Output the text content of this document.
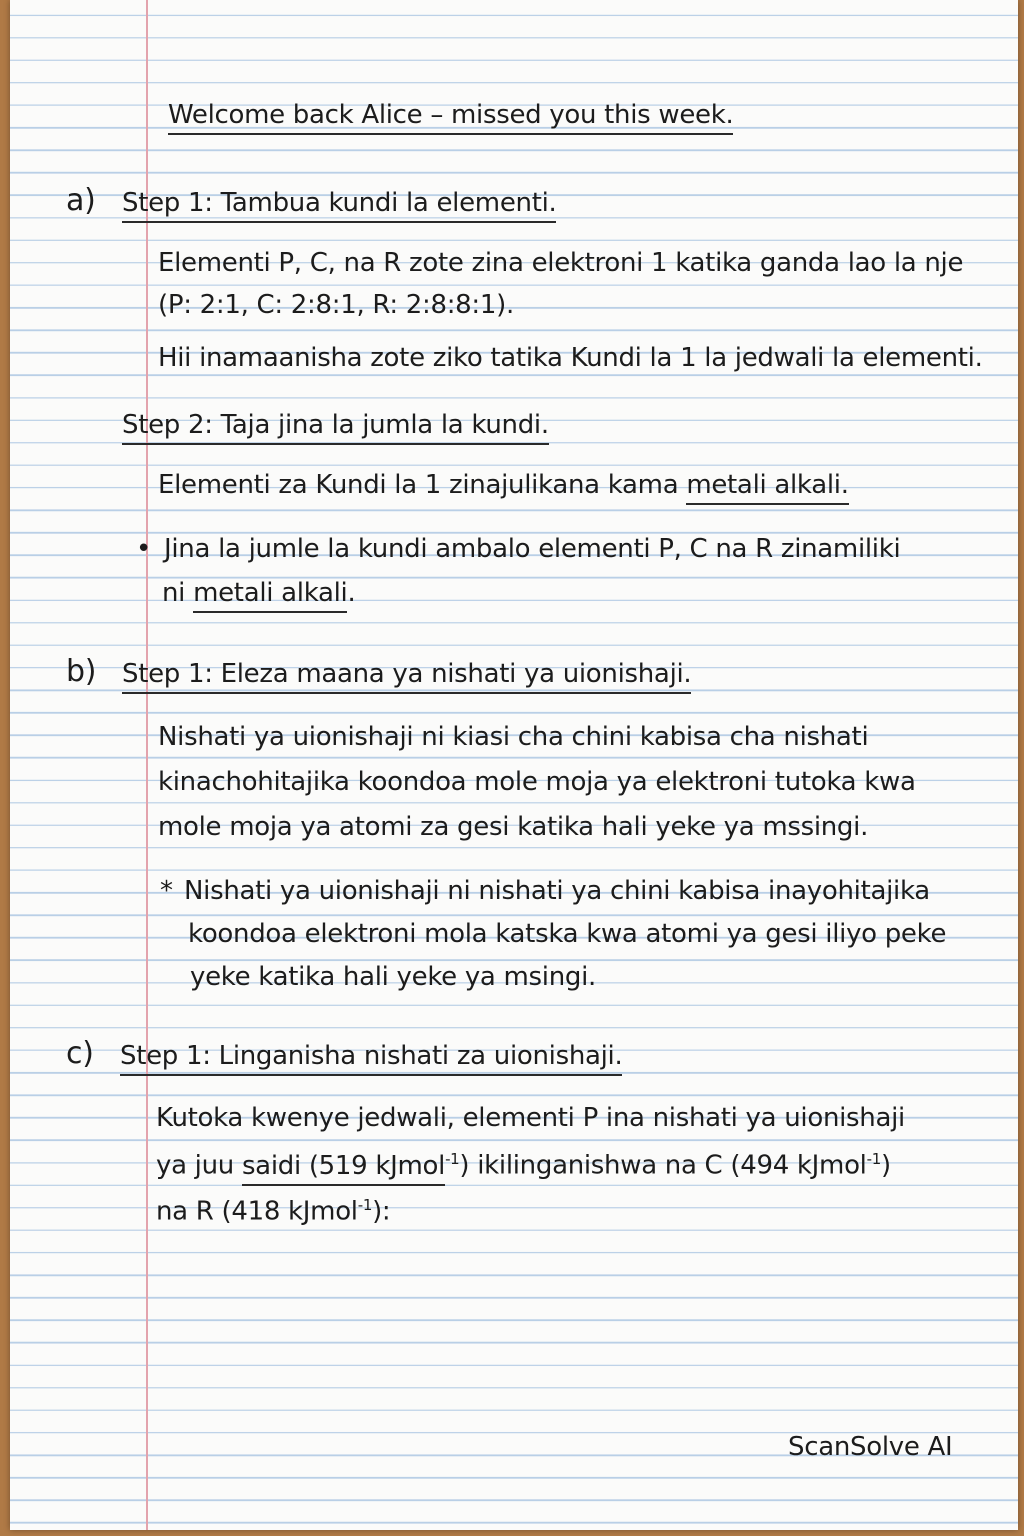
Welcome back Alice – missed you this week.

a) Step 1: Tambua kundi la elementi.

Elementi P, C, na R zote zina elektroni 1 katika ganda lao la nje

(P: 2:1, C: 2:8:1, R: 2:8:8:1).

Hii inamaanisha zote ziko tatika Kundi la 1 la jedwali la elementi.

Step 2: Taja jina la jumla la kundi.

Elementi za Kundi la 1 zinajulikana kama metali alkali.

• Jina la jumle la kundi ambalo elementi P, C na R zinamiliki

ni metali alkali.

b) Step 1: Eleza maana ya nishati ya uionishaji.

Nishati ya uionishaji ni kiasi cha chini kabisa cha nishati

kinachohitajika koondoa mole moja ya elektroni tutoka kwa

mole moja ya atomi za gesi katika hali yeke ya mssingi.

* Nishati ya uionishaji ni nishati ya chini kabisa inayohitajika

koondoa elektroni mola katska kwa atomi ya gesi iliyo peke

yeke katika hali yeke ya msingi.

c) Step 1: Linganisha nishati za uionishaji.

Kutoka kwenye jedwali, elementi P ina nishati ya uionishaji

ya juu saidi (519 kJmol$^{-1}$) ikilinganishwa na C (494 kJmol$^{-1}$)

na R (418 kJmol$^{-1}$):

ScanSolve AI
